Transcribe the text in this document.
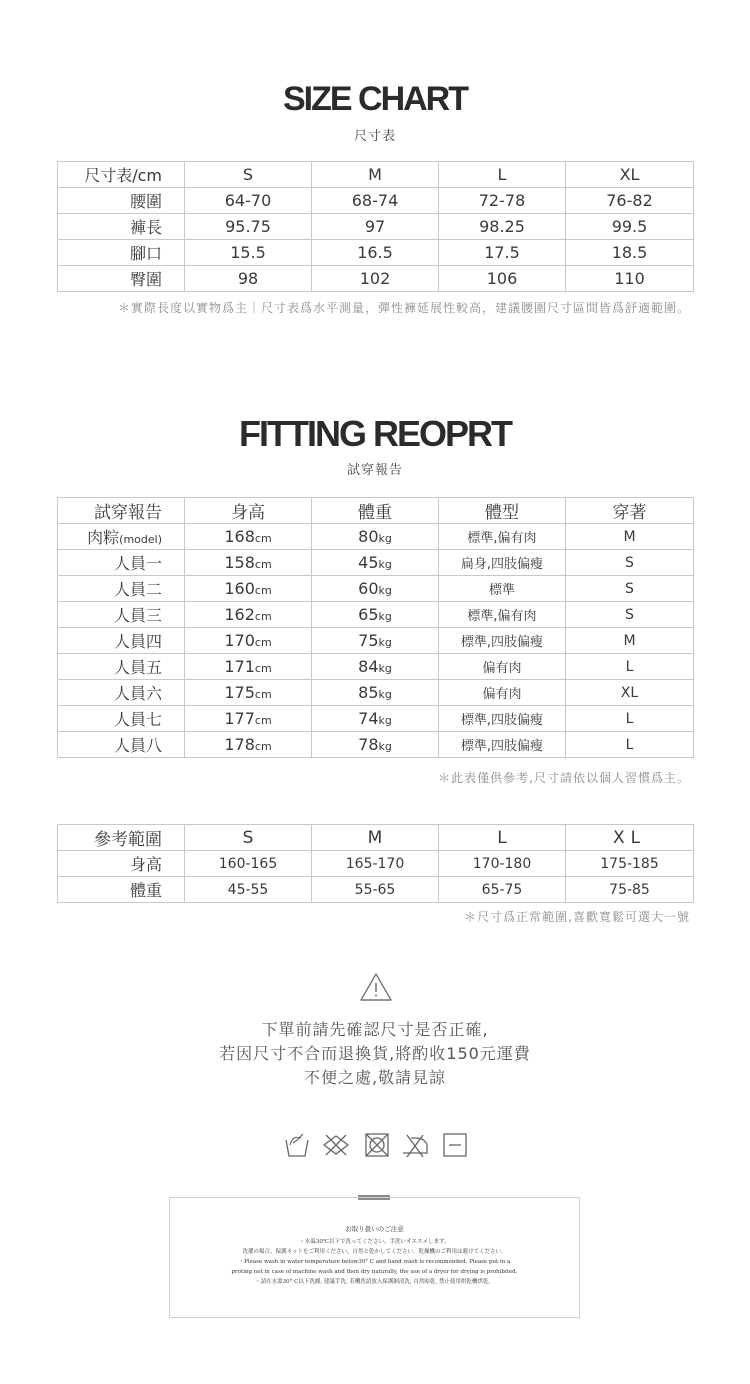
SIZE CHART
尺寸表
尺寸表/cm	S	M	L	XL
腰圍	64-70	68-74	72-78	76-82
褲長	95.75	97	98.25	99.5
腳口	15.5	16.5	17.5	18.5
臀圍	98	102	106	110
＊實際長度以實物爲主｜尺寸表爲水平測量，彈性褲延展性較高，建議腰圍尺寸區間皆爲舒適範圍。
FITTING REOPRT
試穿報告
試穿報告	身高	體重	體型	穿著
肉粽(model)	168cm	80kg	標準,偏有肉	M
人員一	158cm	45kg	扁身,四肢偏瘦	S
人員二	160cm	60kg	標準	S
人員三	162cm	65kg	標準,偏有肉	S
人員四	170cm	75kg	標準,四肢偏瘦	M
人員五	171cm	84kg	偏有肉	L
人員六	175cm	85kg	偏有肉	XL
人員七	177cm	74kg	標準,四肢偏瘦	L
人員八	178cm	78kg	標準,四肢偏瘦	L
＊此表僅供參考,尺寸請依以個人習慣爲主。
參考範圍	S	M	L	XL
身高	160-165	165-170	170-180	175-185
體重	45-55	55-65	65-75	75-85
＊尺寸爲正常範圍,喜歡寬鬆可選大一號
下單前請先確認尺寸是否正確,
若因尺寸不合而退換貨,將酌收150元運費
不便之處,敬請見諒
お取り扱いのご注意
・水温30℃以下で洗ってください、手洗いオススメします。
洗濯の場合、保護ネットをご利用ください、自然と乾かしてください。乾燥機のご利用は避けてください。
・Please wash in water temperature below30° C and hand wash is recommended. Please put in a
proting net in case of machine wash and then dry naturally, the use of a dryer for drying is prohibited.
・請在水溫30° C以下洗滌, 建議手洗, 若機洗請放入保護網清洗, 自然晾乾, 禁止使用烘乾機烘乾。
